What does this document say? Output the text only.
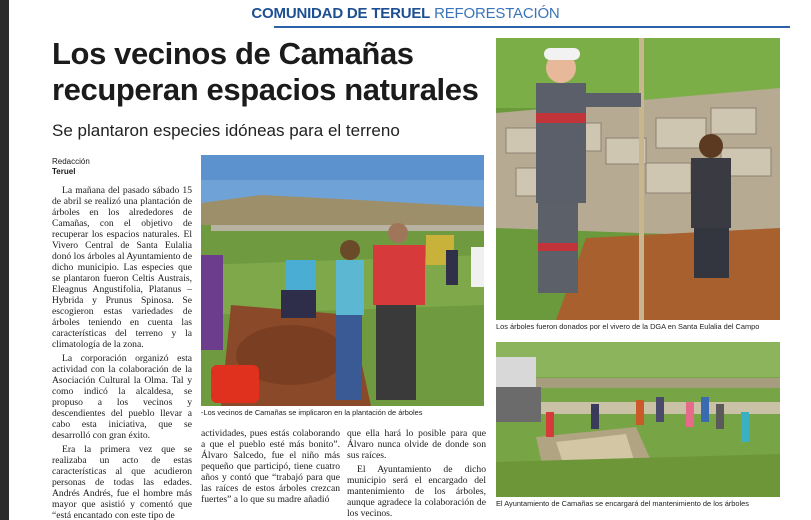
COMUNIDAD DE TERUEL REFORESTACIÓN
Los vecinos de Camañas
recuperan espacios naturales
Se plantaron especies idóneas para el terreno
Redacción
Teruel

La mañana del pasado sábado 15 de abril se realizó una plantación de árboles en los alrededores de Camañas, con el objetivo de recuperar los espacios naturales. El Vivero Central de Santa Eulalia donó los árboles al Ayuntamiento de dicho municipio. Las especies que se plantaron fueron Celtis Austrais, Eleagnus Angustifolia, Platanus –Hybrida y Prunus Spinosa. Se escogieron estas variedades de árboles teniendo en cuenta las características del terreno y la climatología de la zona.

La corporación organizó esta actividad con la colaboración de la Asociación Cultural la Olma. Tal y como indicó la alcaldesa, se propuso a los vecinos y descendientes del pueblo llevar a cabo esta iniciativa, que se desarrolló con gran éxito.

Era la primera vez que se realizaba un acto de estas características al que acudieron personas de todas las edades. Andrés Andrés, fue el hombre más mayor que asistió y comentó que “está encantado con este tipo de

-Los vecinos de Camañas se implicaron en la plantación de árboles

actividades, pues estás colaborando a que el pueblo esté más bonito”. Álvaro Salcedo, fue el niño más pequeño que participó, tiene cuatro años y contó que “trabajó para que las raíces de estos árboles crezcan fuertes” a lo que su madre añadió

que ella hará lo posible para que Álvaro nunca olvide de donde son sus raíces.

El Ayuntamiento de dicho municipio será el encargado del mantenimiento de los árboles, aunque agradece la colaboración de los vecinos.

Los árboles fueron donados por el vivero de la DGA en Santa Eulalia del Campo
El Ayuntamiento de Camañas se encargará del mantenimiento de los árboles
